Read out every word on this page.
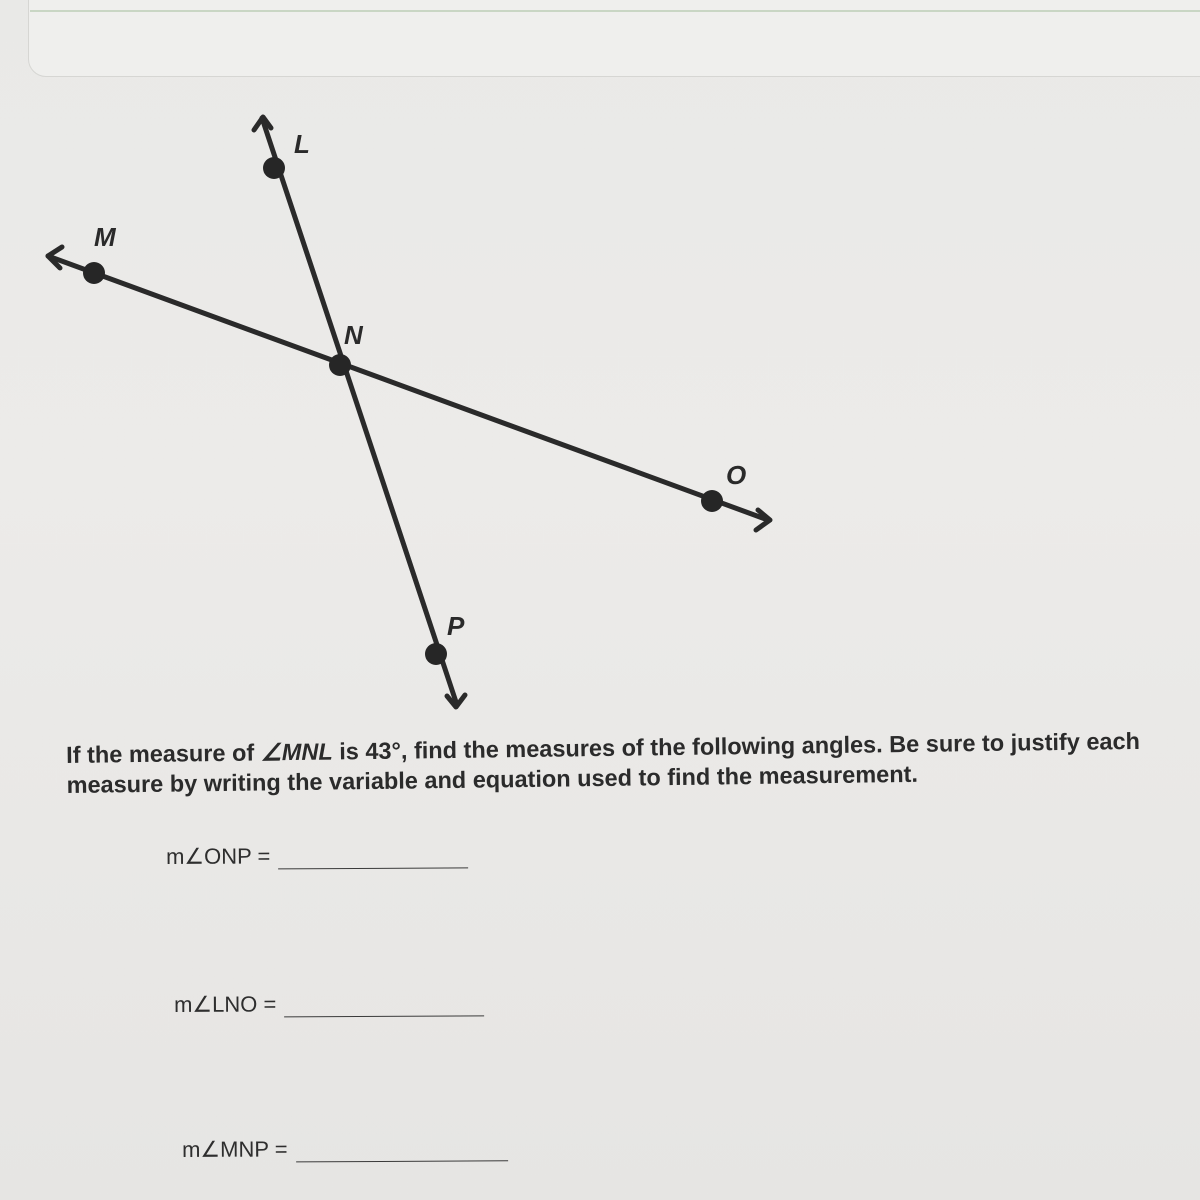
L
M
N
O
P
If the measure of ∠MNL is 43°, find the measures of the following angles. Be sure to justify each measure by writing the variable and equation used to find the measurement.
m∠ONP =
m∠LNO =
m∠MNP =
